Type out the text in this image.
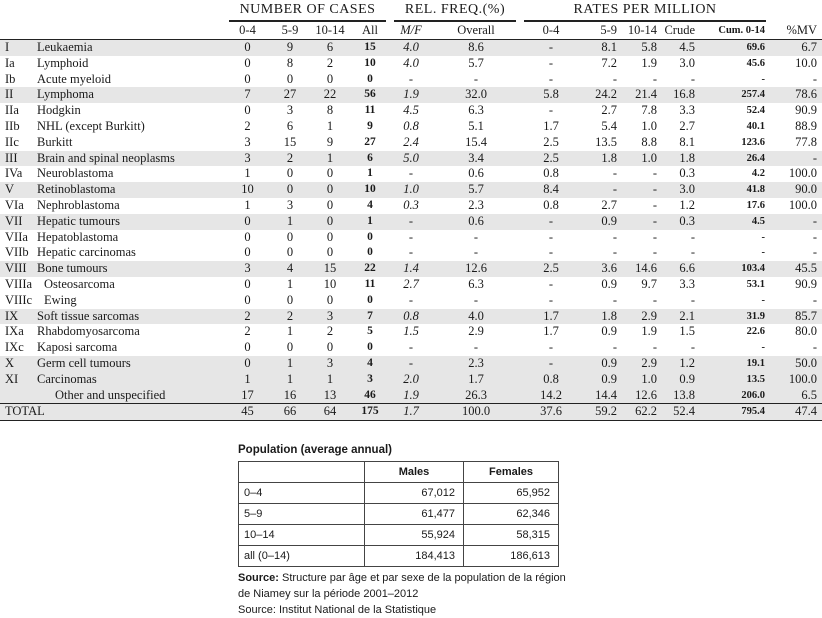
	NUMBER OF CASES				REL. FREQ.(%)		RATES PER MILLION					

	0-4	5-9	10-14	All	M/F	Overall	0-4	5-9	10-14	Crude	Cum. 0-14	%MV
I Leukaemia	0	9	6	15	4.0	8.6	-	8.1	5.8	4.5	69.6	6.7
Ia Lymphoid	0	8	2	10	4.0	5.7	-	7.2	1.9	3.0	45.6	10.0
Ib Acute myeloid	0	0	0	0	-	-	-	-	-	-	-	-
II Lymphoma	7	27	22	56	1.9	32.0	5.8	24.2	21.4	16.8	257.4	78.6
IIa Hodgkin	0	3	8	11	4.5	6.3	-	2.7	7.8	3.3	52.4	90.9
IIb NHL (except Burkitt)	2	6	1	9	0.8	5.1	1.7	5.4	1.0	2.7	40.1	88.9
IIc Burkitt	3	15	9	27	2.4	15.4	2.5	13.5	8.8	8.1	123.6	77.8
III Brain and spinal neoplasms	3	2	1	6	5.0	3.4	2.5	1.8	1.0	1.8	26.4	-
IVa Neuroblastoma	1	0	0	1	-	0.6	0.8	-	-	0.3	4.2	100.0
V Retinoblastoma	10	0	0	10	1.0	5.7	8.4	-	-	3.0	41.8	90.0
VIa Nephroblastoma	1	3	0	4	0.3	2.3	0.8	2.7	-	1.2	17.6	100.0
VII Hepatic tumours	0	1	0	1	-	0.6	-	0.9	-	0.3	4.5	-
VIIa Hepatoblastoma	0	0	0	0	-	-	-	-	-	-	-	-
VIIb Hepatic carcinomas	0	0	0	0	-	-	-	-	-	-	-	-
VIII Bone tumours	3	4	15	22	1.4	12.6	2.5	3.6	14.6	6.6	103.4	45.5
VIIIa Osteosarcoma	0	1	10	11	2.7	6.3	-	0.9	9.7	3.3	53.1	90.9
VIIIc Ewing	0	0	0	0	-	-	-	-	-	-	-	-
IX Soft tissue sarcomas	2	2	3	7	0.8	4.0	1.7	1.8	2.9	2.1	31.9	85.7
IXa Rhabdomyosarcoma	2	1	2	5	1.5	2.9	1.7	0.9	1.9	1.5	22.6	80.0
IXc Kaposi sarcoma	0	0	0	0	-	-	-	-	-	-	-	-
X Germ cell tumours	0	1	3	4	-	2.3	-	0.9	2.9	1.2	19.1	50.0
XI Carcinomas	1	1	1	3	2.0	1.7	0.8	0.9	1.0	0.9	13.5	100.0
Other and unspecified	17	16	13	46	1.9	26.3	14.2	14.4	12.6	13.8	206.0	6.5
TOTAL	45	66	64	175	1.7	100.0	37.6	59.2	62.2	52.4	795.4	47.4
Population (average annual)
	Males	Females
0–4	67,012	65,952
5–9	61,477	62,346
10–14	55,924	58,315
all (0–14)	184,413	186,613
Source: Structure par âge et par sexe de la population de la région de Niamey sur la période 2001–2012
Source: Institut National de la Statistique
